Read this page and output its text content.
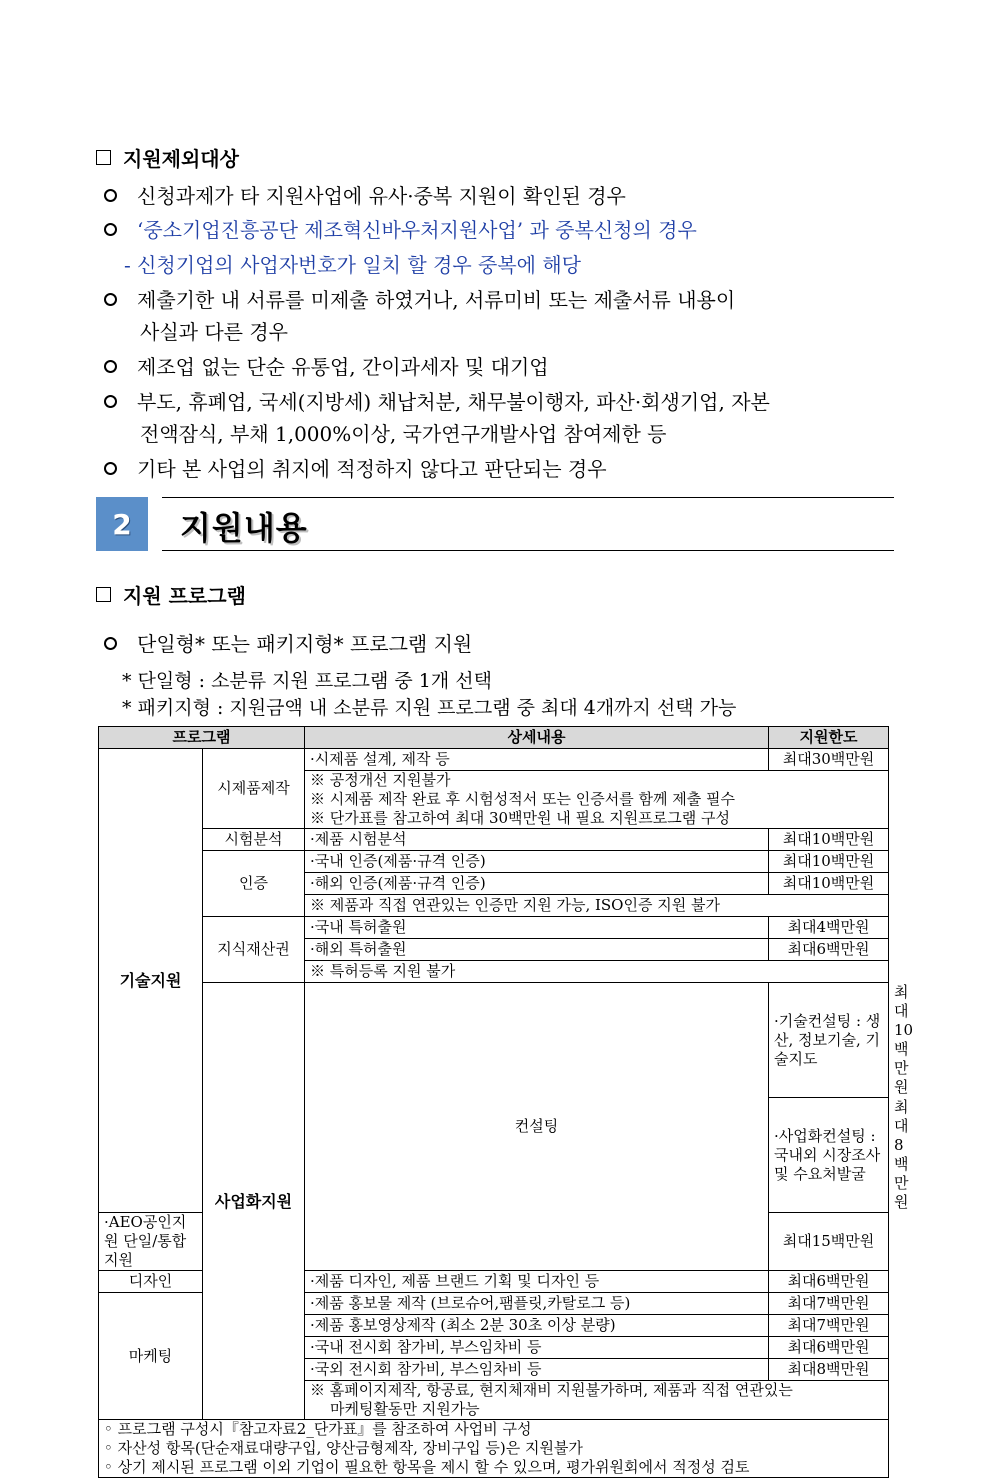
지원제외대상
신청과제가 타 지원사업에 유사·중복 지원이 확인된 경우
‘중소기업진흥공단 제조혁신바우처지원사업’ 과 중복신청의 경우
- 신청기업의 사업자번호가 일치 할 경우 중복에 해당
제출기한 내 서류를 미제출 하였거나, 서류미비 또는 제출서류 내용이
사실과 다른 경우
제조업 없는 단순 유통업, 간이과세자 및 대기업
부도, 휴폐업, 국세(지방세) 채납처분, 채무불이행자, 파산·회생기업, 자본
전액잠식, 부채 1,000%이상, 국가연구개발사업 참여제한 등
기타 본 사업의 취지에 적정하지 않다고 판단되는 경우
2	지원내용
지원 프로그램
단일형* 또는 패키지형* 프로그램 지원
* 단일형 : 소분류 지원 프로그램 중 1개 선택
* 패키지형 : 지원금액 내 소분류 지원 프로그램 중 최대 4개까지 선택 가능
프로그램		상세내용	지원한도	
기술지원	시제품제작	·시제품 설계, 제작 등	최대30백만원	

		※ 공정개선 지원불가
※ 시제품 제작 완료 후 시험성적서 또는 인증서를 함께 제출 필수
※ 단가표를 참고하여 최대 30백만원 내 필요 지원프로그램 구성		

	시험분석	·제품 시험분석	최대10백만원	
	인증	·국내 인증(제품·규격 인증)	최대10백만원	
		·해외 인증(제품·규격 인증)	최대10백만원	
		※ 제품과 직접 연관있는 인증만 지원 가능, ISO인증 지원 불가		
	지식재산권	·국내 특허출원	최대4백만원	
		·해외 특허출원	최대6백만원	
		※ 특허등록 지원 불가		
	사업화지원	컨설팅	·기술컨설팅 : 생산, 정보기술, 기술지도	최대10백만원
			·사업화컨설팅 : 국내외 시장조사 및 수요처발굴	최대8백만원
·AEO공인지원 단일/통합 지원			최대15백만원	
디자인		·제품 디자인, 제품 브랜드 기획 및 디자인 등	최대6백만원	
마케팅		·제품 홍보물 제작 (브로슈어,팸플릿,카탈로그 등)	최대7백만원	
		·제품 홍보영상제작 (최소 2분 30초 이상 분량)	최대7백만원	
		·국내 전시회 참가비, 부스임차비 등	최대6백만원	
		·국외 전시회 참가비, 부스임차비 등	최대8백만원	

		※ 홈페이지제작, 항공료, 현지체재비 지원불가하며, 제품과 직접 연관있는
마케팅활동만 지원가능		

◦ 프로그램 구성시『참고자료2_단가표』를 참조하여 사업비 구성
◦ 자산성 항목(단순재료대량구입, 양산금형제작, 장비구입 등)은 지원불가
◦ 상기 제시된 프로그램 이외 기업이 필요한 항목을 제시 할 수 있으며, 평가위원회에서 적정성 검토				
